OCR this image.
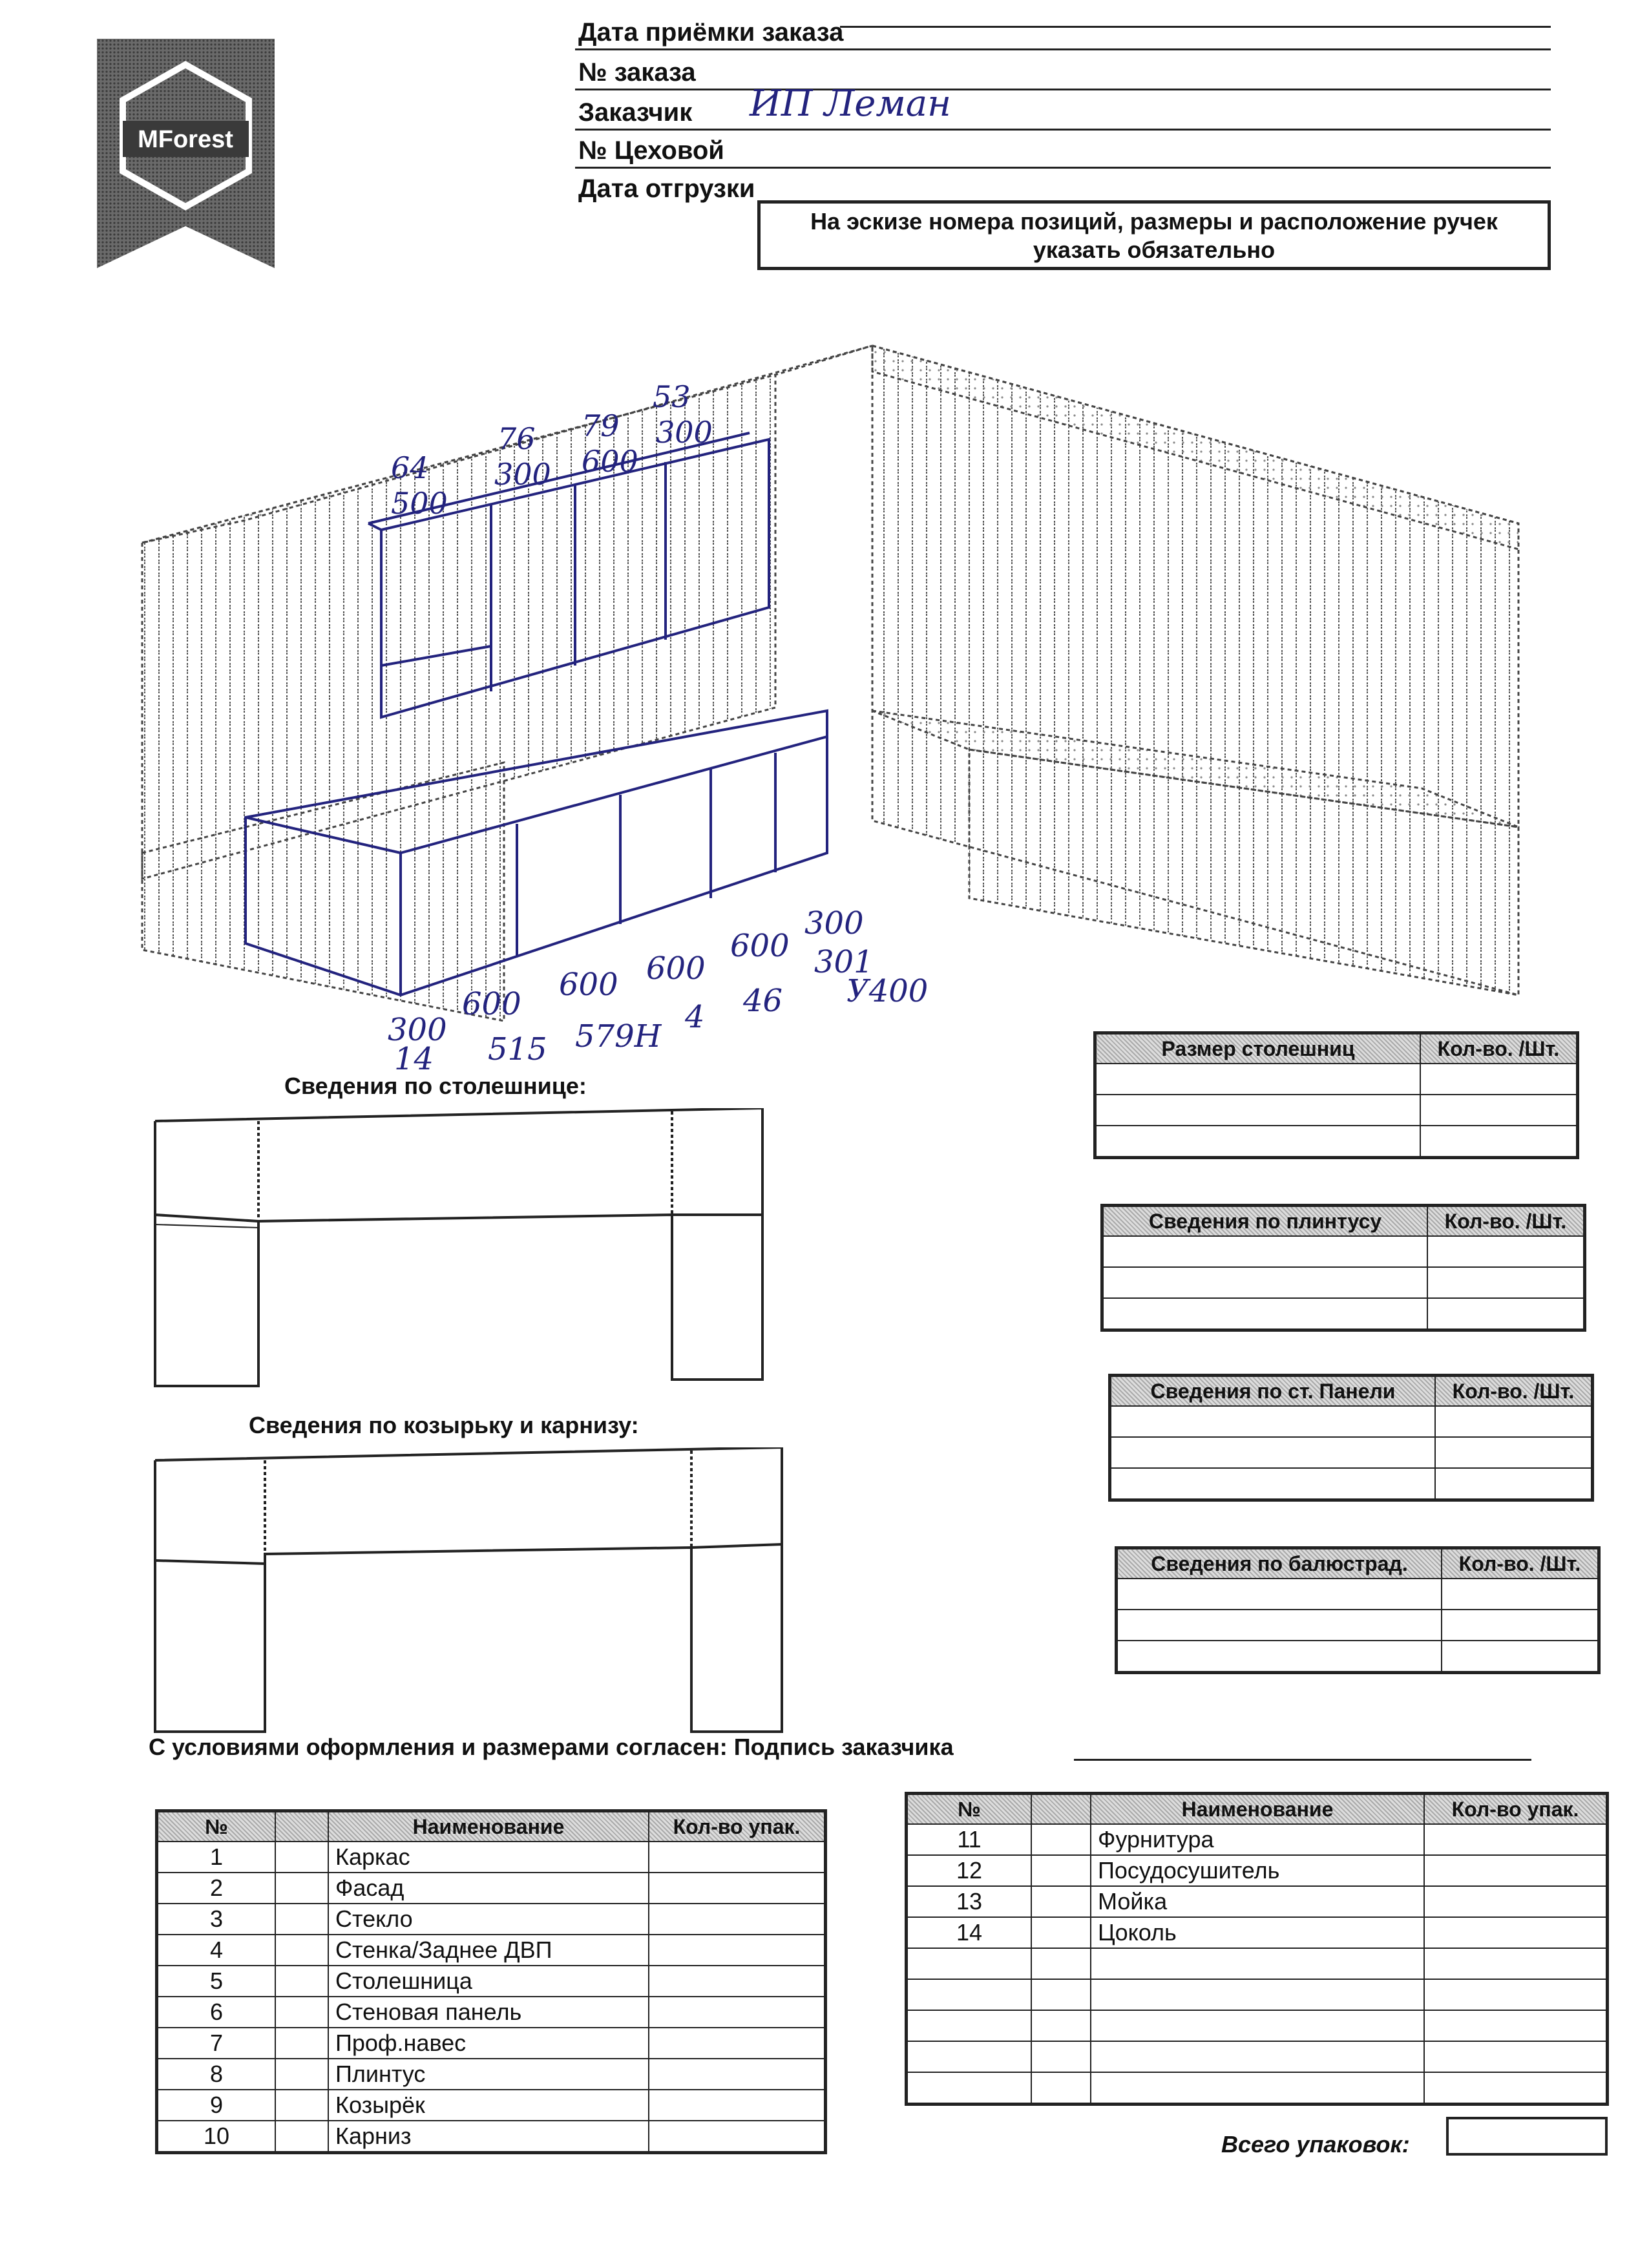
MForest
Дата приёмки заказа
№ заказа
Заказчик ИП Леман
№ Цеховой
Дата отгрузки
На эскизе номера позиций, размеры и расположение ручек
указать обязательно
64
500
76
300
79
600
53
300
300
14
600
515
600
579H
600
4
600
46
300
301
У400
Сведения по столешнице:
Сведения по козырьку и карнизу:
Размер столешниц	Кол-во. /Шт.

Сведения по плинтусу	Кол-во. /Шт.

Сведения по ст. Панели	Кол-во. /Шт.

Сведения по балюстрад.	Кол-во. /Шт.

С условиями оформления и размерами согласен: Подпись заказчика
№		Наименование	Кол-во упак.
1		Каркас	
2		Фасад	
3		Стекло	
4		Стенка/Заднее ДВП	
5		Столешница	
6		Стеновая панель	
7		Проф.навес	
8		Плинтус	
9		Козырёк	
10		Карниз	
№		Наименование	Кол-во упак.
11		Фурнитура	
12		Посудосушитель	
13		Мойка	
14		Цоколь	

Всего упаковок:
